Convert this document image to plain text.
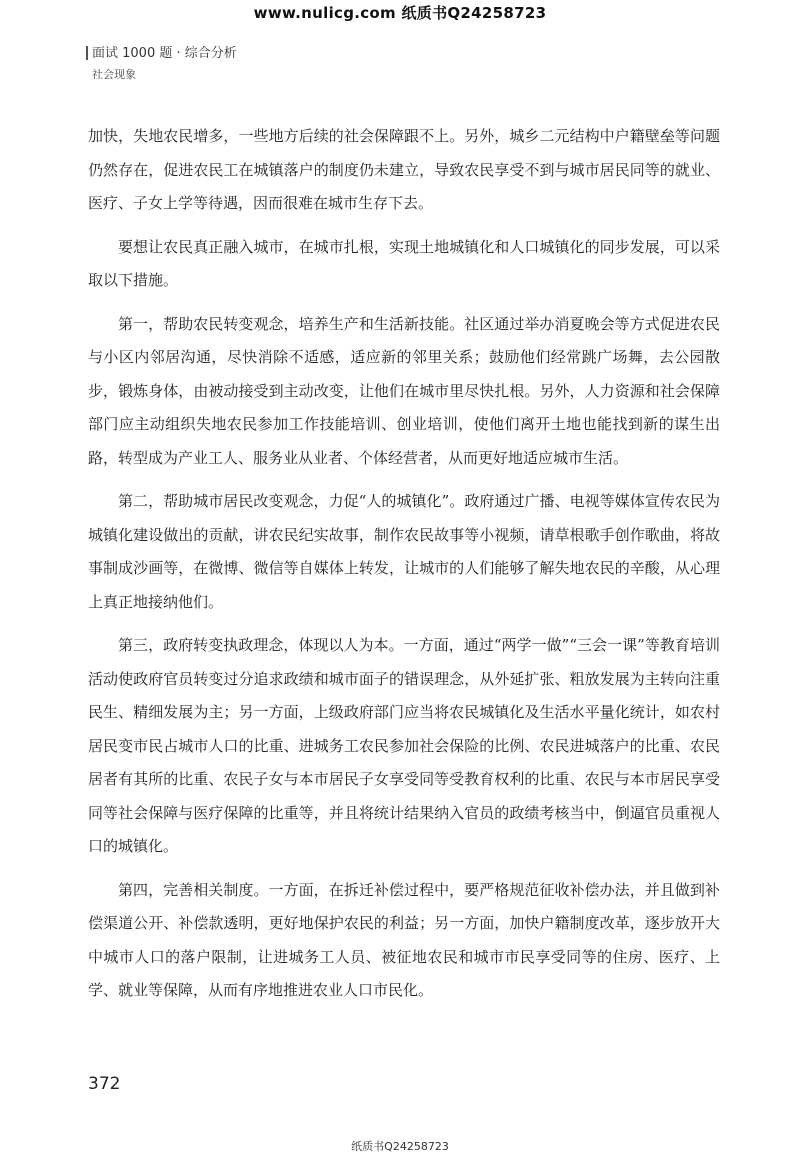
www.nulicg.com 纸质书Q24258723
面试 1000 题 · 综合分析
社会现象

加快，失地农民增多，一些地方后续的社会保障跟不上。另外，城乡二元结构中户籍壁垒等问题仍然存在，促进农民工在城镇落户的制度仍未建立，导致农民享受不到与城市居民同等的就业、医疗、子女上学等待遇，因而很难在城市生存下去。

要想让农民真正融入城市，在城市扎根，实现土地城镇化和人口城镇化的同步发展，可以采取以下措施。

第一，帮助农民转变观念，培养生产和生活新技能。社区通过举办消夏晚会等方式促进农民与小区内邻居沟通，尽快消除不适感，适应新的邻里关系；鼓励他们经常跳广场舞，去公园散步，锻炼身体，由被动接受到主动改变，让他们在城市里尽快扎根。另外，人力资源和社会保障部门应主动组织失地农民参加工作技能培训、创业培训，使他们离开土地也能找到新的谋生出路，转型成为产业工人、服务业从业者、个体经营者，从而更好地适应城市生活。

第二，帮助城市居民改变观念，力促“人的城镇化”。政府通过广播、电视等媒体宣传农民为城镇化建设做出的贡献，讲农民纪实故事，制作农民故事等小视频，请草根歌手创作歌曲，将故事制成沙画等，在微博、微信等自媒体上转发，让城市的人们能够了解失地农民的辛酸，从心理上真正地接纳他们。

第三，政府转变执政理念，体现以人为本。一方面，通过“两学一做”“三会一课”等教育培训活动使政府官员转变过分追求政绩和城市面子的错误理念，从外延扩张、粗放发展为主转向注重民生、精细发展为主；另一方面，上级政府部门应当将农民城镇化及生活水平量化统计，如农村居民变市民占城市人口的比重、进城务工农民参加社会保险的比例、农民进城落户的比重、农民居者有其所的比重、农民子女与本市居民子女享受同等受教育权利的比重、农民与本市居民享受同等社会保障与医疗保障的比重等，并且将统计结果纳入官员的政绩考核当中，倒逼官员重视人口的城镇化。

第四，完善相关制度。一方面，在拆迁补偿过程中，要严格规范征收补偿办法，并且做到补偿渠道公开、补偿款透明，更好地保护农民的利益；另一方面，加快户籍制度改革，逐步放开大中城市人口的落户限制，让进城务工人员、被征地农民和城市市民享受同等的住房、医疗、上学、就业等保障，从而有序地推进农业人口市民化。

372
纸质书Q24258723
